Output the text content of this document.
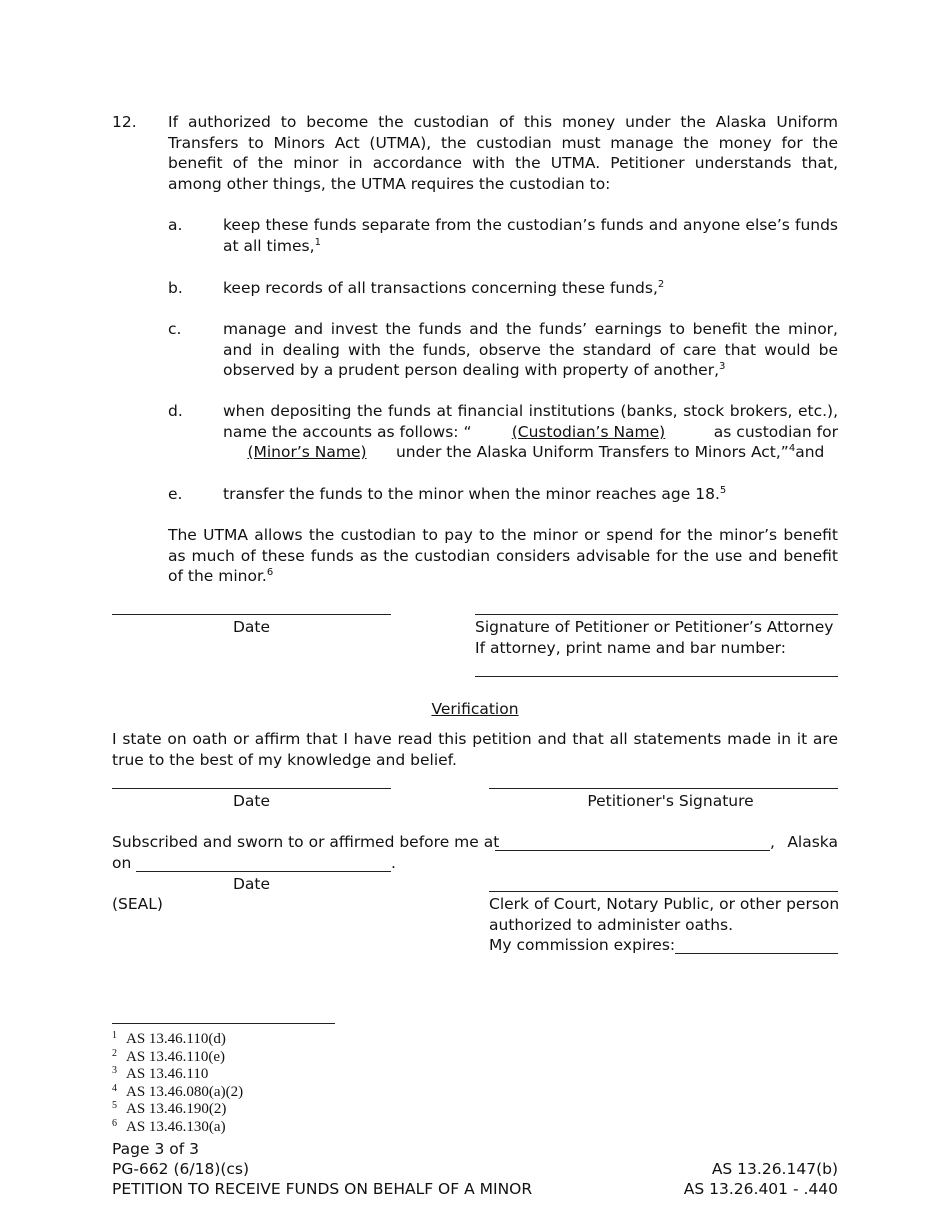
12. If authorized to become the custodian of this money under the Alaska Uniform Transfers to Minors Act (UTMA), the custodian must manage the money for the benefit of the minor in accordance with the UTMA. Petitioner understands that, among other things, the UTMA requires the custodian to:
a.	keep these funds separate from the custodian’s funds and anyone else’s funds at all times,$^1$
b.	keep records of all transactions concerning these funds,$^2$
c.	manage and invest the funds and the funds’ earnings to benefit the minor, and in dealing with the funds, observe the standard of care that would be observed by a prudent person dealing with property of another,$^3$
d.	when depositing the funds at financial institutions (banks, stock brokers, etc.),
name the accounts as follows: “	(Custodian’s Name)	as custodian for
(Minor’s Name) under the Alaska Uniform Transfers to Minors Act,”$^4$and
e.	transfer the funds to the minor when the minor reaches age 18.$^5$
The UTMA allows the custodian to pay to the minor or spend for the minor’s benefit as much of these funds as the custodian considers advisable for the use and benefit of the minor.$^6$
Date	Signature of Petitioner or Petitioner’s Attorney
If attorney, print name and bar number:
Verification
I state on oath or affirm that I have read this petition and that all statements made in it are true to the best of my knowledge and belief.
Date	Petitioner's Signature
Subscribed and sworn to or affirmed before me at	, Alaska
on	.
Date
(SEAL)	Clerk of Court, Notary Public, or other person
authorized to administer oaths.
My commission expires:
$^1$ AS 13.46.110(d)
$^2$ AS 13.46.110(e)
$^3$ AS 13.46.110
$^4$ AS 13.46.080(a)(2)
$^5$ AS 13.46.190(2)
$^6$ AS 13.46.130(a)
Page 3 of 3
PG-662 (6/18)(cs)
PETITION TO RECEIVE FUNDS ON BEHALF OF A MINOR
AS 13.26.147(b)
AS 13.26.401 - .440
